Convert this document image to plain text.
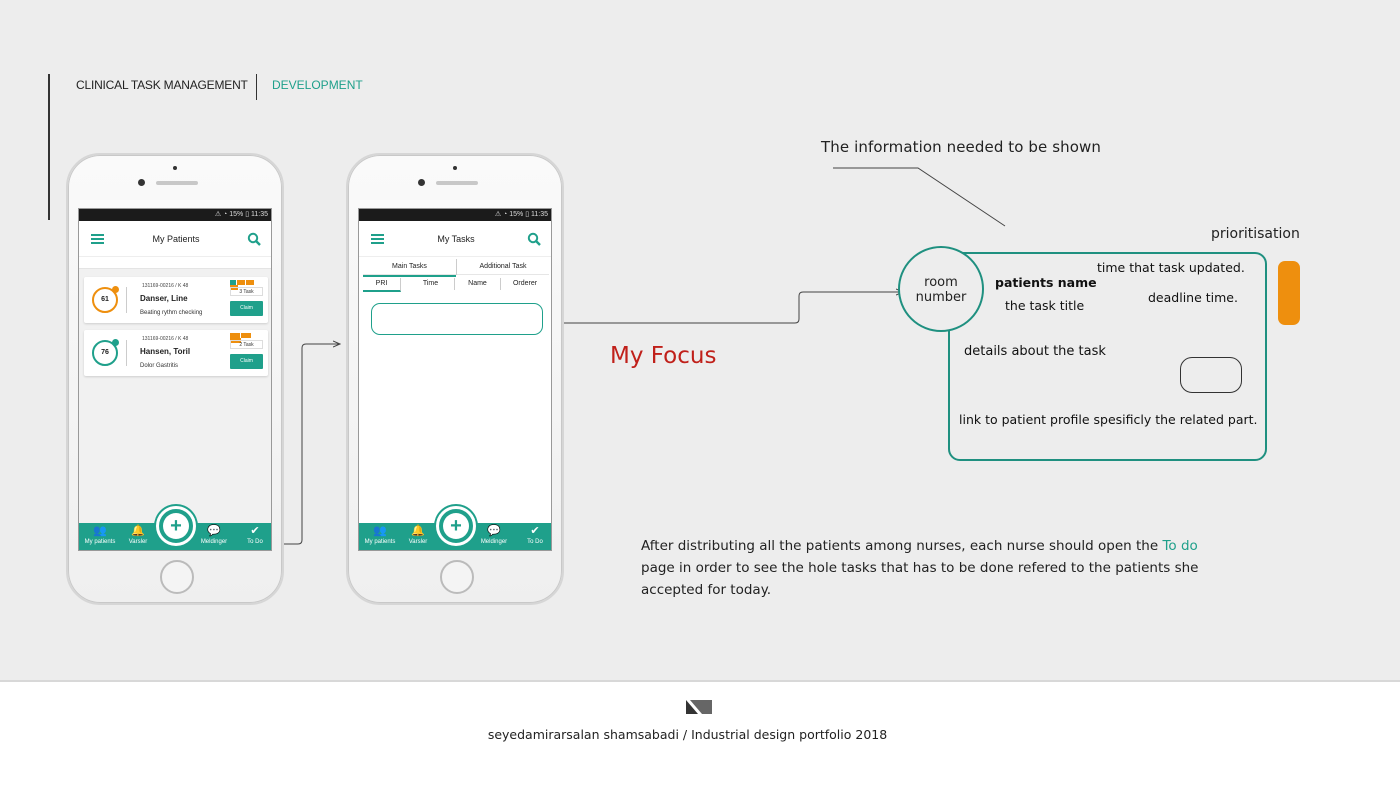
CLINICAL TASK MANAGEMENT DEVELOPMENT
⚠ ◔ 15% ▯ 11:35
My Patients
61
131169-00216 / K 48
Danser, Line
Beating rythm checking
3 Task
Claim
76
131169-00216 / K 48
Hansen, Toril
Dolor Gastritis
2 Task
Claim
👥
My patients
🔔
Varsler
💬
Meldinger
✔
To Do
+
⚠ ◔ 15% ▯ 11:35
My Tasks
Main Tasks	Additional Task
PRI	Time	Name	Orderer
👥
My patients
🔔
Varsler
💬
Meldinger
✔
To Do
+
The information needed to be shown
prioritisation
room
number
patients name
the task title
time that task updated.
deadline time.
details about the task
link to patient profile spesificly the related part.
My Focus
After distributing all the patients among nurses, each nurse should open the To do page in order to see the hole tasks that has to be done refered to the patients she accepted for today.
seyedamirarsalan shamsabadi / Industrial design portfolio 2018
